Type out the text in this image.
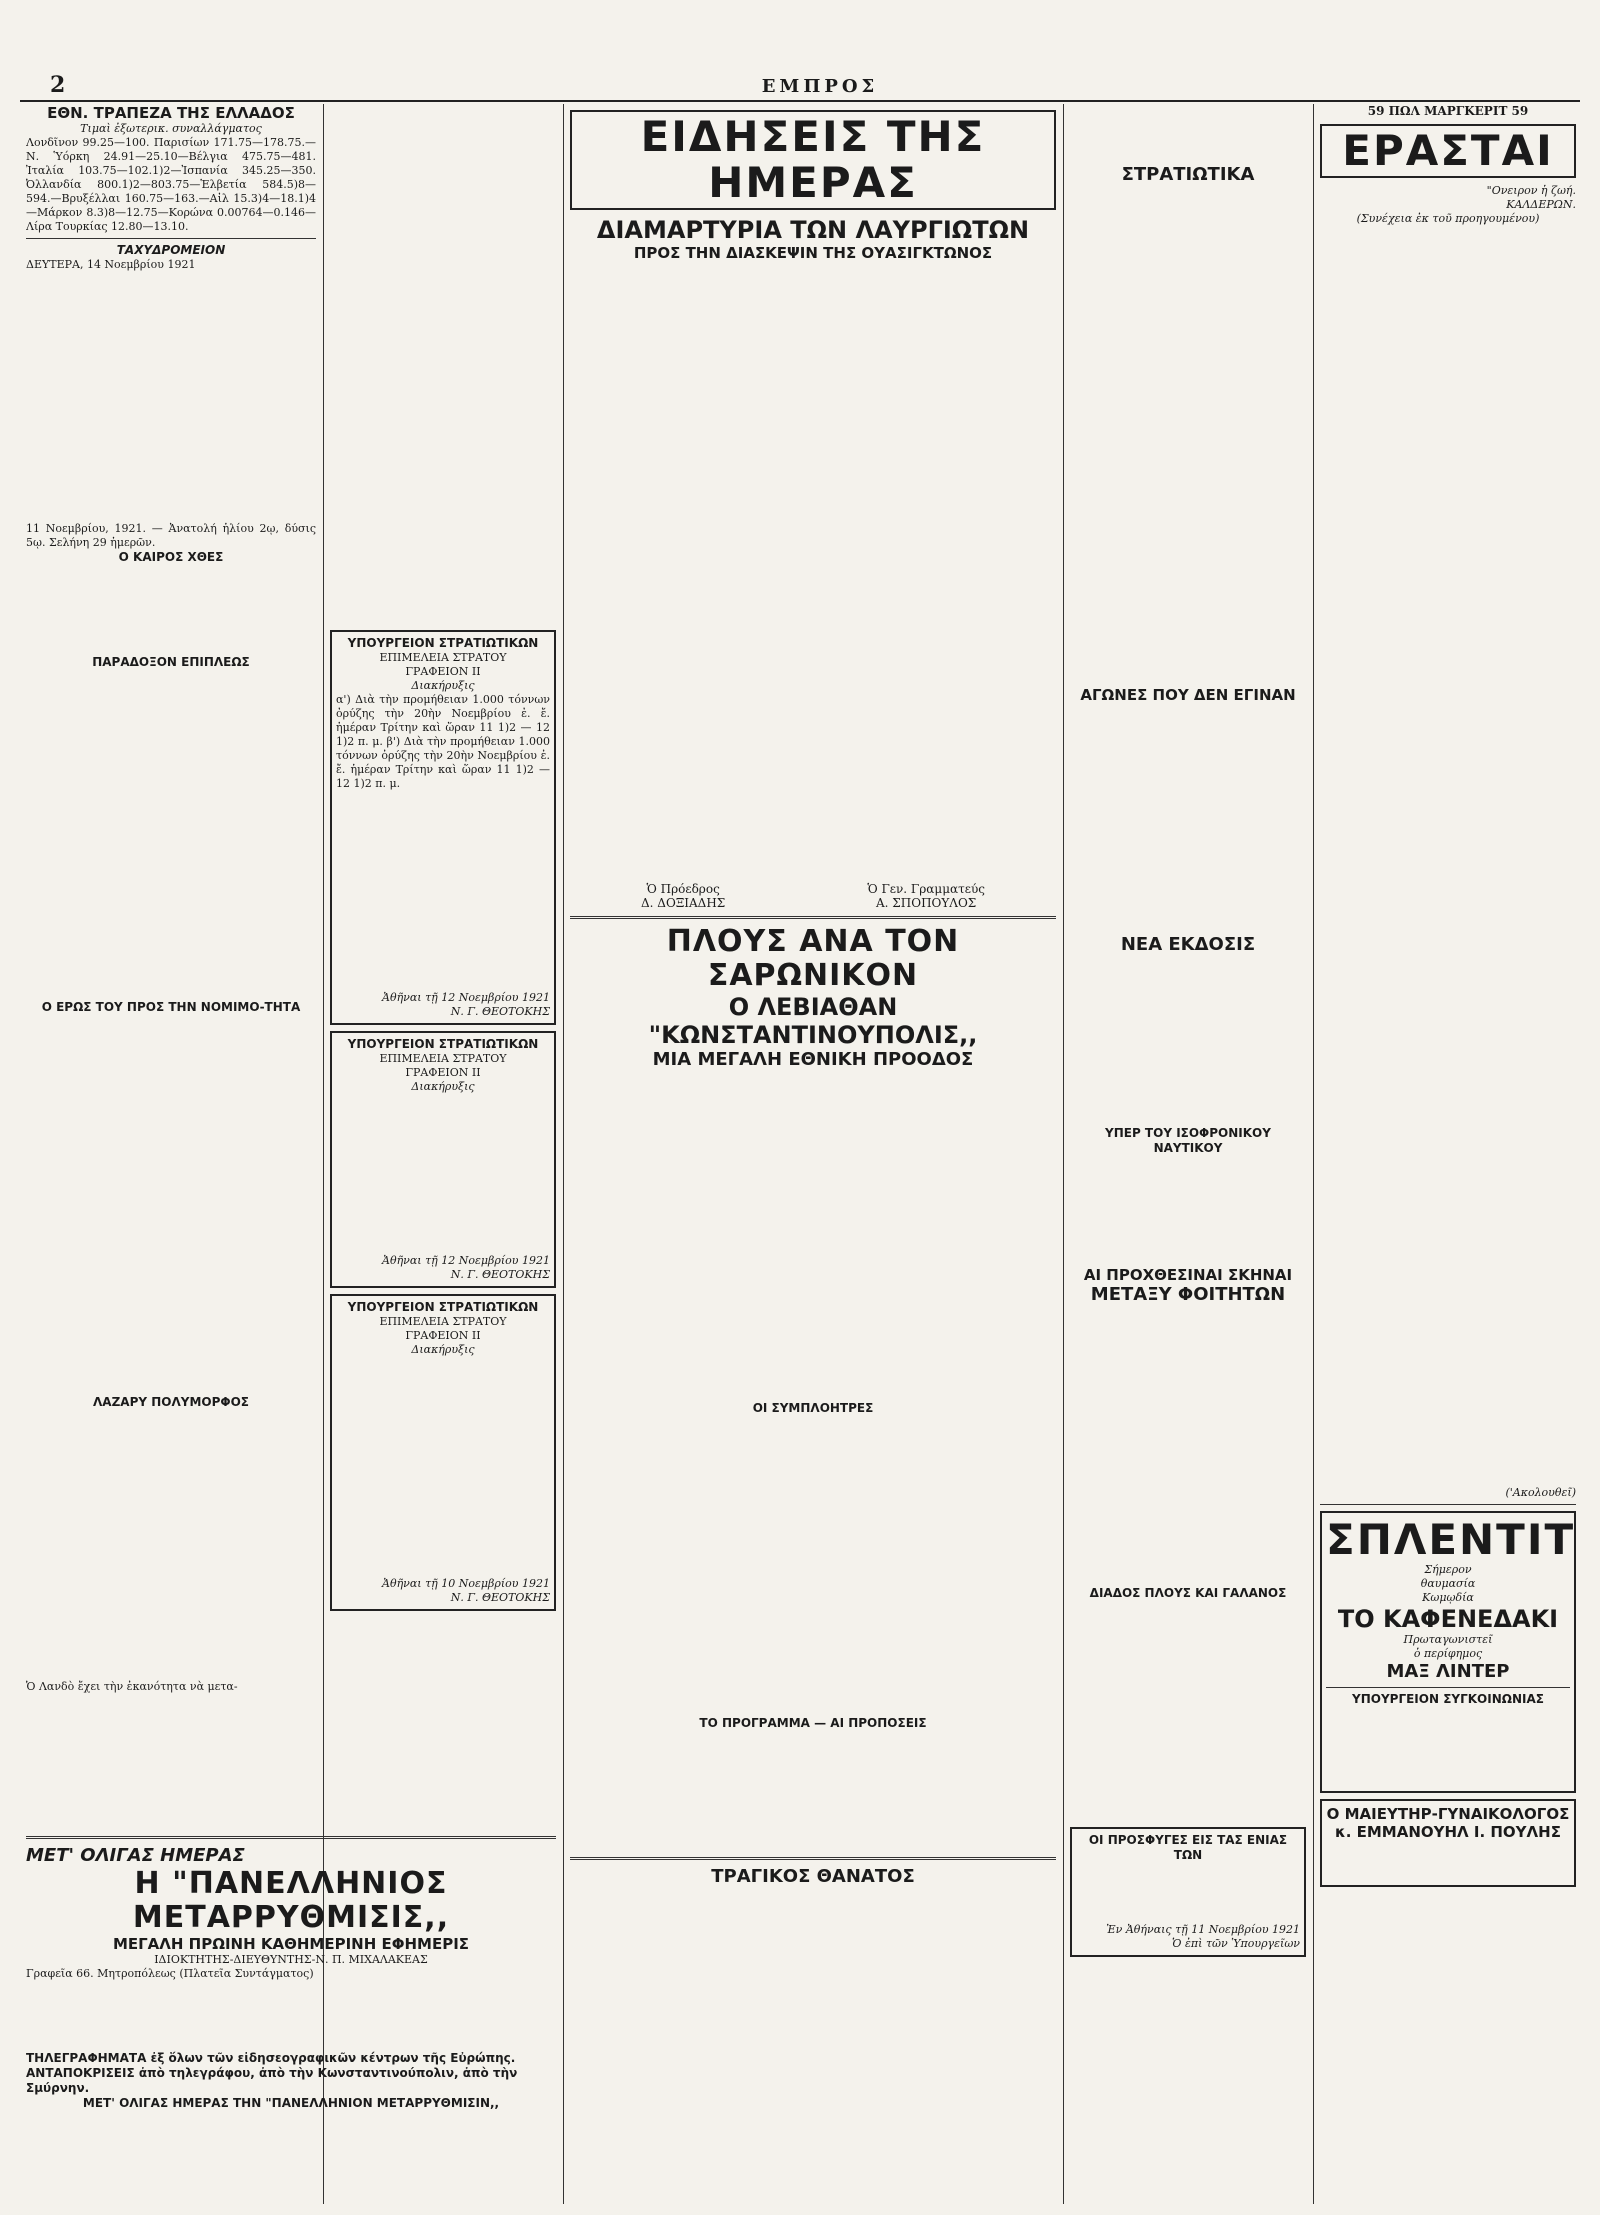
2	ΕΜΠΡΟΣ
ΕΘΝ. ΤΡΑΠΕΖΑ ΤΗΣ ΕΛΛΑΔΟΣ
Τιμαὶ ἐξωτερικ. συναλλάγματος
Λονδῖνον 99.25—100. Παρισίων 171.75—178.75.—Ν. Ὑόρκη 24.91—25.10—Βέλγια 475.75—481. Ἰταλία 103.75—102.1)2—Ἰσπανία 345.25—350. Ὀλλανδία 800.1)2—803.75—Ἑλβετία 584.5)8—594.—Βρυξέλλαι 160.75—163.—Αἰλ 15.3)4—18.1)4—Μάρκον 8.3)8—12.75—Κορώνα 0.00764—0.146—Λίρα Τουρκίας 12.80—13.10.
ΤΑΧΥΔΡΟΜΕΙΟΝ
ΔΕΥΤΕΡΑ, 14 Νοεμβρίου 1921
11 Νοεμβρίου, 1921. — Ἀνατολή ἡλίου 2ῳ, δύσις 5ῳ. Σελήνη 29 ἡμερῶν.
Ο ΚΑΙΡΟΣ ΧΘΕΣ
ΠΑΡΑΔΟΞΟΝ ΕΠΙΠΛΕΩΣ
Ο ΕΡΩΣ ΤΟΥ ΠΡΟΣ ΤΗΝ ΝΟΜΙΜΟ-ΤΗΤΑ
ΛΑΖΑΡΥ ΠΟΛΥΜΟΡΦΟΣ
Ὁ Λανδὸ ἔχει τὴν ἐκανότητα νὰ μετα-
ΥΠΟΥΡΓΕΙΟΝ ΣΤΡΑΤΙΩΤΙΚΩΝ
ΕΠΙΜΕΛΕΙΑ ΣΤΡΑΤΟΥ
ΓΡΑΦΕΙΟΝ ΙΙ
Διακήρυξις
α') Διὰ τὴν προμήθειαν 1.000 τόννων ὀρύζης τὴν 20ὴν Νοεμβρίου ἐ. ἔ. ἡμέραν Τρίτην καὶ ὥραν 11 1)2 — 12 1)2 π. μ. β') Διὰ τὴν προμήθειαν 1.000 τόννων ὀρύζης τὴν 20ὴν Νοεμβρίου ἐ. ἔ. ἡμέραν Τρίτην καὶ ὥραν 11 1)2 — 12 1)2 π. μ.
Ἀθῆναι τῇ 12 Νοεμβρίου 1921
Ν. Γ. ΘΕΟΤΟΚΗΣ
ΥΠΟΥΡΓΕΙΟΝ ΣΤΡΑΤΙΩΤΙΚΩΝ
ΕΠΙΜΕΛΕΙΑ ΣΤΡΑΤΟΥ
ΓΡΑΦΕΙΟΝ ΙΙ
Διακήρυξις
Ἀθῆναι τῇ 12 Νοεμβρίου 1921
Ν. Γ. ΘΕΟΤΟΚΗΣ
ΥΠΟΥΡΓΕΙΟΝ ΣΤΡΑΤΙΩΤΙΚΩΝ
ΕΠΙΜΕΛΕΙΑ ΣΤΡΑΤΟΥ
ΓΡΑΦΕΙΟΝ ΙΙ
Διακήρυξις
Ἀθῆναι τῇ 10 Νοεμβρίου 1921
Ν. Γ. ΘΕΟΤΟΚΗΣ
ΜΕΤ' ΟΛΙΓΑΣ ΗΜΕΡΑΣ
Η "ΠΑΝΕΛΛΗΝΙΟΣ ΜΕΤΑΡΡΥΘΜΙΣΙΣ,,
ΜΕΓΑΛΗ ΠΡΩΙΝΗ ΚΑΘΗΜΕΡΙΝΗ ΕΦΗΜΕΡΙΣ
ΙΔΙΟΚΤΗΤΗΣ-ΔΙΕΥΘΥΝΤΗΣ-Ν. Π. ΜΙΧΑΛΑΚΕΑΣ
Γραφεῖα 66. Μητροπόλεως (Πλατεῖα Συντάγματος)
ΤΗΛΕΓΡΑΦΗΜΑΤΑ ἐξ ὅλων τῶν εἰδησεογραφικῶν κέντρων τῆς Εὐρώπης.
ΑΝΤΑΠΟΚΡΙΣΕΙΣ ἀπὸ τηλεγράφου, ἀπὸ τὴν Κωνσταντινούπολιν, ἀπὸ τὴν Σμύρνην.
ΜΕΤ' ΟΛΙΓΑΣ ΗΜΕΡΑΣ ΤΗΝ "ΠΑΝΕΛΛΗΝΙΟΝ ΜΕΤΑΡΡΥΘΜΙΣΙΝ,,
ΕΙΔΗΣΕΙΣ ΤΗΣ ΗΜΕΡΑΣ
ΔΙΑΜΑΡΤΥΡΙΑ ΤΩΝ ΛΑΥΡΓΙΩΤΩΝ
ΠΡΟΣ ΤΗΝ ΔΙΑΣΚΕΨΙΝ ΤΗΣ ΟΥΑΣΙΓΚΤΩΝΟΣ
Ὁ Πρόεδρος
Δ. ΔΟΞΙΑΔΗΣ
Ὁ Γεν. Γραμματεύς
Α. ΣΠΟΠΟΥΛΟΣ
ΠΛΟΥΣ ΑΝΑ ΤΟΝ ΣΑΡΩΝΙΚΟΝ
Ο ΛΕΒΙΑΘΑΝ "ΚΩΝΣΤΑΝΤΙΝΟΥΠΟΛΙΣ,,
ΜΙΑ ΜΕΓΑΛΗ ΕΘΝΙΚΗ ΠΡΟΟΔΟΣ
ΟΙ ΣΥΜΠΛΟΗΤΡΕΣ
ΤΟ ΠΡΟΓΡΑΜΜΑ — ΑΙ ΠΡΟΠΟΣΕΙΣ
ΤΡΑΓΙΚΟΣ ΘΑΝΑΤΟΣ
ΣΤΡΑΤΙΩΤΙΚΑ
ΑΓΩΝΕΣ ΠΟΥ ΔΕΝ ΕΓΙΝΑΝ
ΝΕΑ ΕΚΔΟΣΙΣ
ΥΠΕΡ ΤΟΥ ΙΣΟΦΡΟΝΙΚΟΥ ΝΑΥΤΙΚΟΥ
ΑΙ ΠΡΟΧΘΕΣΙΝΑΙ ΣΚΗΝΑΙ
ΜΕΤΑΞΥ ΦΟΙΤΗΤΩΝ
ΔΙΑΔΟΣ ΠΛΟΥΣ ΚΑΙ ΓΑΛΑΝΟΣ
ΟΙ ΠΡΟΣΦΥΓΕΣ ΕΙΣ ΤΑΣ ΕΝΙΑΣ ΤΩΝ
Ἐν Ἀθήναις τῇ 11 Νοεμβρίου 1921
Ὁ ἐπὶ τῶν Ὑπουργεῖων
59 ΠΩΛ ΜΑΡΓΚΕΡΙΤ 59
ΕΡΑΣΤΑΙ
"Ονειρον ἡ ζωή.
ΚΑΛΔΕΡΩΝ.
(Συνέχεια ἐκ τοῦ προηγουμένου)
('Ακολουθεῖ)
ΣΠΛΕΝΤΙΤ
Σήμερον
θαυμασία
Κωμῳδία
ΤΟ ΚΑΦΕΝΕΔΑΚΙ
Πρωταγωνιστεῖ
ὁ περίφημος
ΜΑΞ ΛΙΝΤΕΡ
ΥΠΟΥΡΓΕΙΟΝ ΣΥΓΚΟΙΝΩΝΙΑΣ
Ο ΜΑΙΕΥΤΗΡ-ΓΥΝΑΙΚΟΛΟΓΟΣ
κ. ΕΜΜΑΝΟΥΗΛ Ι. ΠΟΥΛΗΣ
